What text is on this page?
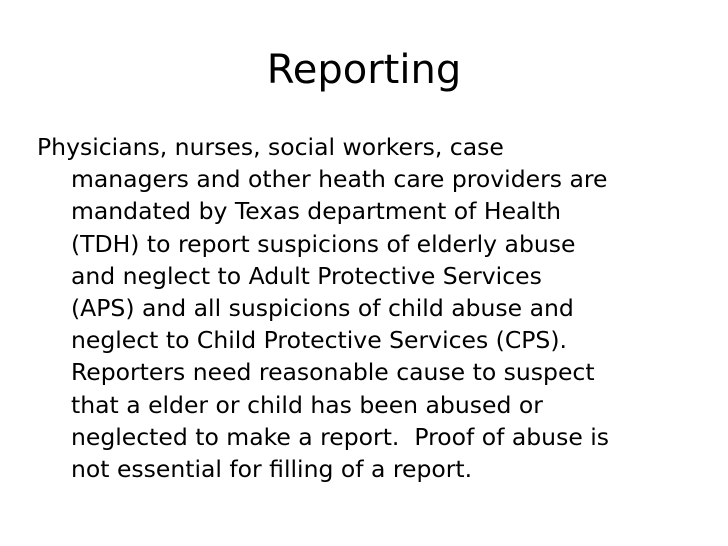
Reporting
Physicians, nurses, social workers, case
managers and other heath care providers are
mandated by Texas department of Health
(TDH) to report suspicions of elderly abuse
and neglect to Adult Protective Services
(APS) and all suspicions of child abuse and
neglect to Child Protective Services (CPS).
Reporters need reasonable cause to suspect
that a elder or child has been abused or
neglected to make a report.  Proof of abuse is
not essential for filling of a report.
